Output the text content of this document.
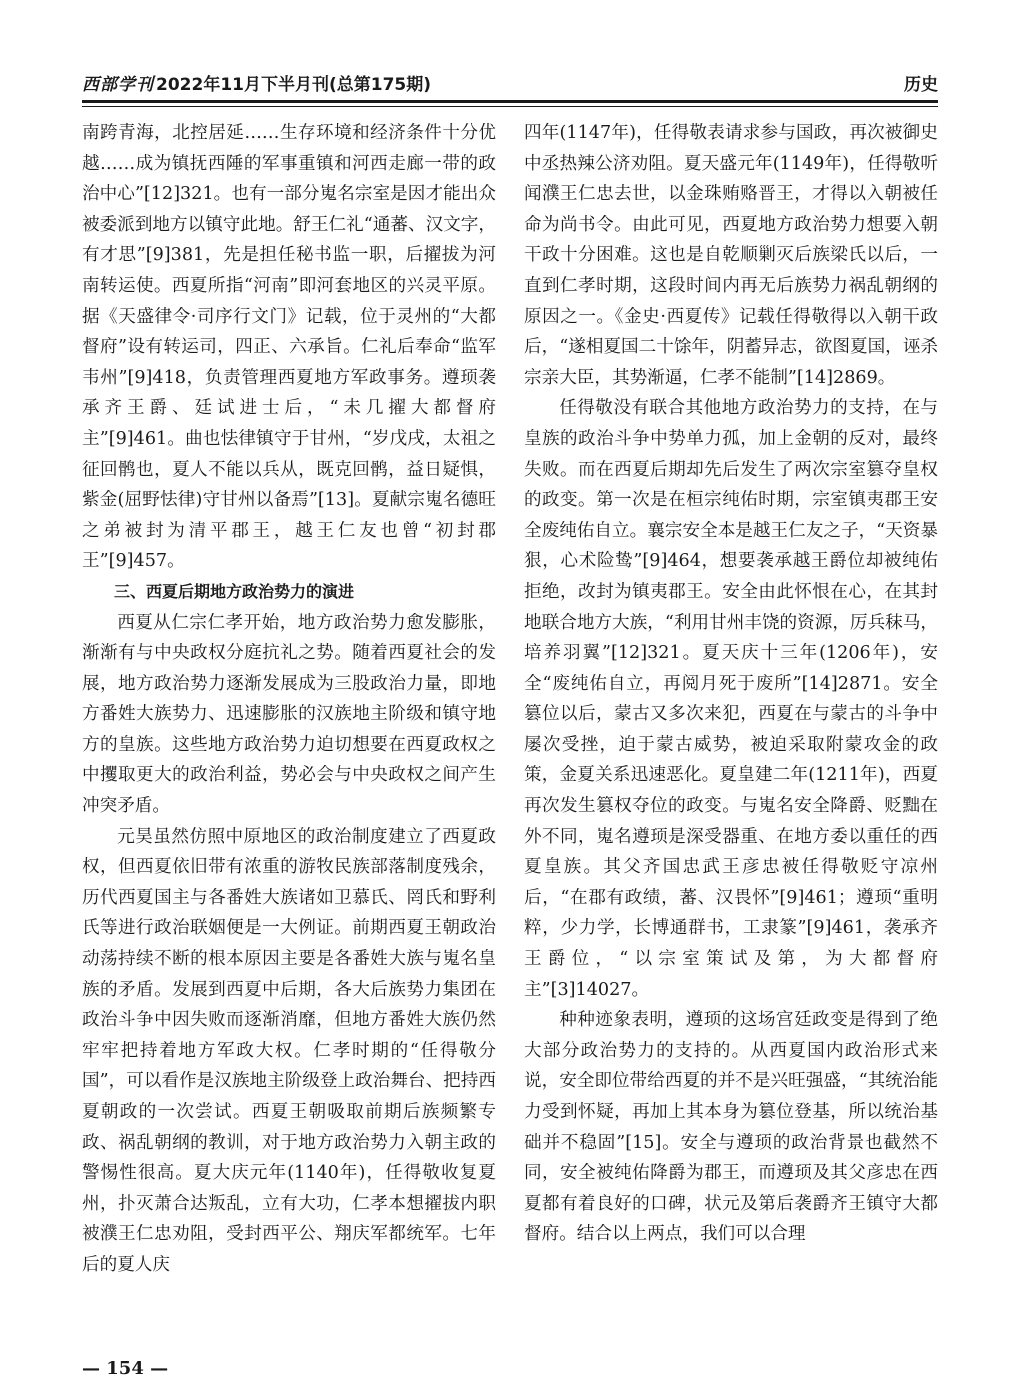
西部学刊 2022年11月下半月刊(总第175期)	历史

南跨青海，北控居延……生存环境和经济条件十分优越……成为镇抚西陲的军事重镇和河西走廊一带的政治中心”[12]321。也有一部分嵬名宗室是因才能出众被委派到地方以镇守此地。舒王仁礼“通蕃、汉文字，有才思”[9]381，先是担任秘书监一职，后擢拔为河南转运使。西夏所指“河南”即河套地区的兴灵平原。据《天盛律令·司序行文门》记载，位于灵州的“大都督府”设有转运司，四正、六承旨。仁礼后奉命“监军韦州”[9]418，负责管理西夏地方军政事务。遵顼袭承齐王爵、廷试进士后，“未几擢大都督府主”[9]461。曲也怯律镇守于甘州，“岁戊戌，太祖之征回鹘也，夏人不能以兵从，既克回鹘，益日疑惧，紫金(屈野怯律)守甘州以备焉”[13]。夏献宗嵬名德旺之弟被封为清平郡王，越王仁友也曾“初封郡王”[9]457。

三、西夏后期地方政治势力的演进

西夏从仁宗仁孝开始，地方政治势力愈发膨胀，渐渐有与中央政权分庭抗礼之势。随着西夏社会的发展，地方政治势力逐渐发展成为三股政治力量，即地方番姓大族势力、迅速膨胀的汉族地主阶级和镇守地方的皇族。这些地方政治势力迫切想要在西夏政权之中攫取更大的政治利益，势必会与中央政权之间产生冲突矛盾。

元昊虽然仿照中原地区的政治制度建立了西夏政权，但西夏依旧带有浓重的游牧民族部落制度残余，历代西夏国主与各番姓大族诸如卫慕氏、罔氏和野利氏等进行政治联姻便是一大例证。前期西夏王朝政治动荡持续不断的根本原因主要是各番姓大族与嵬名皇族的矛盾。发展到西夏中后期，各大后族势力集团在政治斗争中因失败而逐渐消靡，但地方番姓大族仍然牢牢把持着地方军政大权。仁孝时期的“任得敬分国”，可以看作是汉族地主阶级登上政治舞台、把持西夏朝政的一次尝试。西夏王朝吸取前期后族频繁专政、祸乱朝纲的教训，对于地方政治势力入朝主政的警惕性很高。夏大庆元年(1140年)，任得敬收复夏州，扑灭萧合达叛乱，立有大功，仁孝本想擢拔内职被濮王仁忠劝阻，受封西平公、翔庆军都统军。七年后的夏人庆

四年(1147年)，任得敬表请求参与国政，再次被御史中丞热辣公济劝阻。夏天盛元年(1149年)，任得敬听闻濮王仁忠去世，以金珠贿赂晋王，才得以入朝被任命为尚书令。由此可见，西夏地方政治势力想要入朝干政十分困难。这也是自乾顺剿灭后族梁氏以后，一直到仁孝时期，这段时间内再无后族势力祸乱朝纲的原因之一。《金史·西夏传》记载任得敬得以入朝干政后，“遂相夏国二十馀年，阴蓄异志，欲图夏国，诬杀宗亲大臣，其势渐逼，仁孝不能制”[14]2869。

任得敬没有联合其他地方政治势力的支持，在与皇族的政治斗争中势单力孤，加上金朝的反对，最终失败。而在西夏后期却先后发生了两次宗室篡夺皇权的政变。第一次是在桓宗纯佑时期，宗室镇夷郡王安全废纯佑自立。襄宗安全本是越王仁友之子，“天资暴狠，心术险鸷”[9]464，想要袭承越王爵位却被纯佑拒绝，改封为镇夷郡王。安全由此怀恨在心，在其封地联合地方大族，“利用甘州丰饶的资源，厉兵秣马，培养羽翼”[12]321。夏天庆十三年(1206年)，安全“废纯佑自立，再阅月死于废所”[14]2871。安全篡位以后，蒙古又多次来犯，西夏在与蒙古的斗争中屡次受挫，迫于蒙古威势，被迫采取附蒙攻金的政策，金夏关系迅速恶化。夏皇建二年(1211年)，西夏再次发生篡权夺位的政变。与嵬名安全降爵、贬黜在外不同，嵬名遵顼是深受器重、在地方委以重任的西夏皇族。其父齐国忠武王彦忠被任得敬贬守凉州后，“在郡有政绩，蕃、汉畏怀”[9]461；遵顼“重明粹，少力学，长博通群书，工隶篆”[9]461，袭承齐王爵位，“以宗室策试及第，为大都督府主”[3]14027。

种种迹象表明，遵顼的这场宫廷政变是得到了绝大部分政治势力的支持的。从西夏国内政治形式来说，安全即位带给西夏的并不是兴旺强盛，“其统治能力受到怀疑，再加上其本身为篡位登基，所以统治基础并不稳固”[15]。安全与遵顼的政治背景也截然不同，安全被纯佑降爵为郡王，而遵顼及其父彦忠在西夏都有着良好的口碑，状元及第后袭爵齐王镇守大都督府。结合以上两点，我们可以合理

— 154 —
